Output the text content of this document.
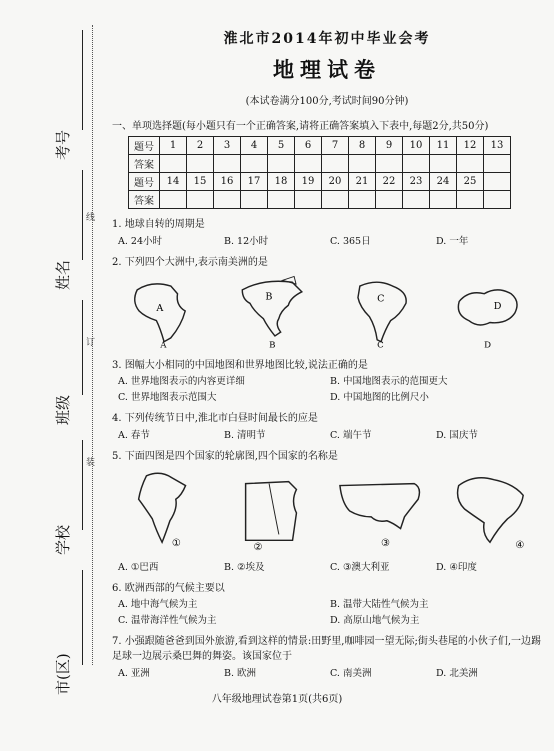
考号
姓名
班级
学校
市(区)
线
订
装
淮北市2014年初中毕业会考
地理试卷
(本试卷满分100分,考试时间90分钟)
一、单项选择题(每小题只有一个正确答案,请将正确答案填入下表中,每题2分,共50分)
题号	1	2	3	4	5	6	7	8	9	10	11	12	13
答案													
题号	14	15	16	17	18	19	20	21	22	23	24	25	
答案													
1. 地球自转的周期是
A. 24小时	B. 12小时	C. 365日	D. 一年
2. 下列四个大洲中,表示南美洲的是
A
A
B
B
C
C
D
D
3. 图幅大小相同的中国地图和世界地图比较,说法正确的是
A. 世界地图表示的内容更详细	B. 中国地图表示的范围更大
C. 世界地图表示范围大	D. 中国地图的比例尺小
4. 下列传统节日中,淮北市白昼时间最长的应是
A. 春节	B. 清明节	C. 端午节	D. 国庆节
5. 下面四图是四个国家的轮廓图,四个国家的名称是
①	②	③	④
A. ①巴西	B. ②埃及	C. ③澳大利亚	D. ④印度
6. 欧洲西部的气候主要以
A. 地中海气候为主	B. 温带大陆性气候为主
C. 温带海洋性气候为主	D. 高原山地气候为主
7. 小强跟随爸爸到国外旅游,看到这样的情景:田野里,咖啡园一望无际;街头巷尾的小伙子们,一边踢足球一边展示桑巴舞的舞姿。该国家位于
A. 亚洲	B. 欧洲	C. 南美洲	D. 北美洲
八年级地理试卷第1页(共6页)
